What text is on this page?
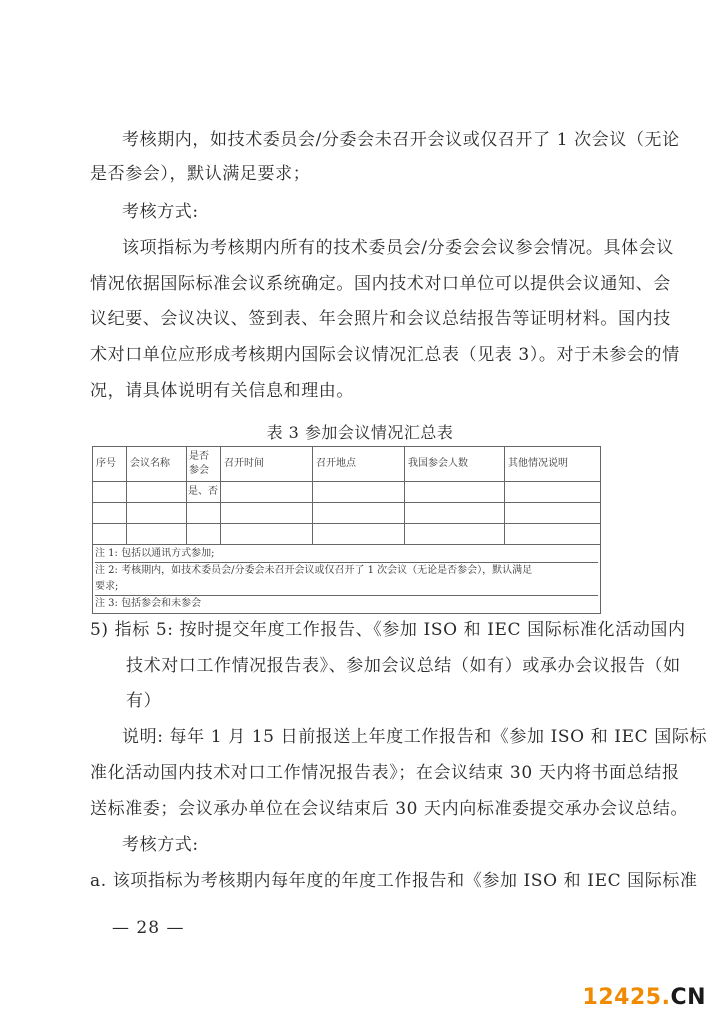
考核期内，如技术委员会/分委会未召开会议或仅召开了 1 次会议（无论
是否参会），默认满足要求；
考核方式:
该项指标为考核期内所有的技术委员会/分委会会议参会情况。具体会议
情况依据国际标准会议系统确定。国内技术对口单位可以提供会议通知、会
议纪要、会议决议、签到表、年会照片和会议总结报告等证明材料。国内技
术对口单位应形成考核期内国际会议情况汇总表（见表 3）。对于未参会的情
况，请具体说明有关信息和理由。
表 3 参加会议情况汇总表
序号	会议名称	是否参会	召开时间	召开地点	我国参会人数	其他情况说明
		是、否				

注 1: 包括以通讯方式参加;
注 2: 考核期内，如技术委员会/分委会未召开会议或仅召开了 1 次会议（无论是否参会），默认满足
要求;
注 3: 包括参会和未参会						
5) 指标 5: 按时提交年度工作报告、《参加 ISO 和 IEC 国际标准化活动国内
技术对口工作情况报告表》、参加会议总结（如有）或承办会议报告（如
有）
说明: 每年 1 月 15 日前报送上年度工作报告和《参加 ISO 和 IEC 国际标
准化活动国内技术对口工作情况报告表》；在会议结束 30 天内将书面总结报
送标准委；会议承办单位在会议结束后 30 天内向标准委提交承办会议总结。
考核方式:
a. 该项指标为考核期内每年度的年度工作报告和《参加 ISO 和 IEC 国际标准
— 28 —
12425.CN
